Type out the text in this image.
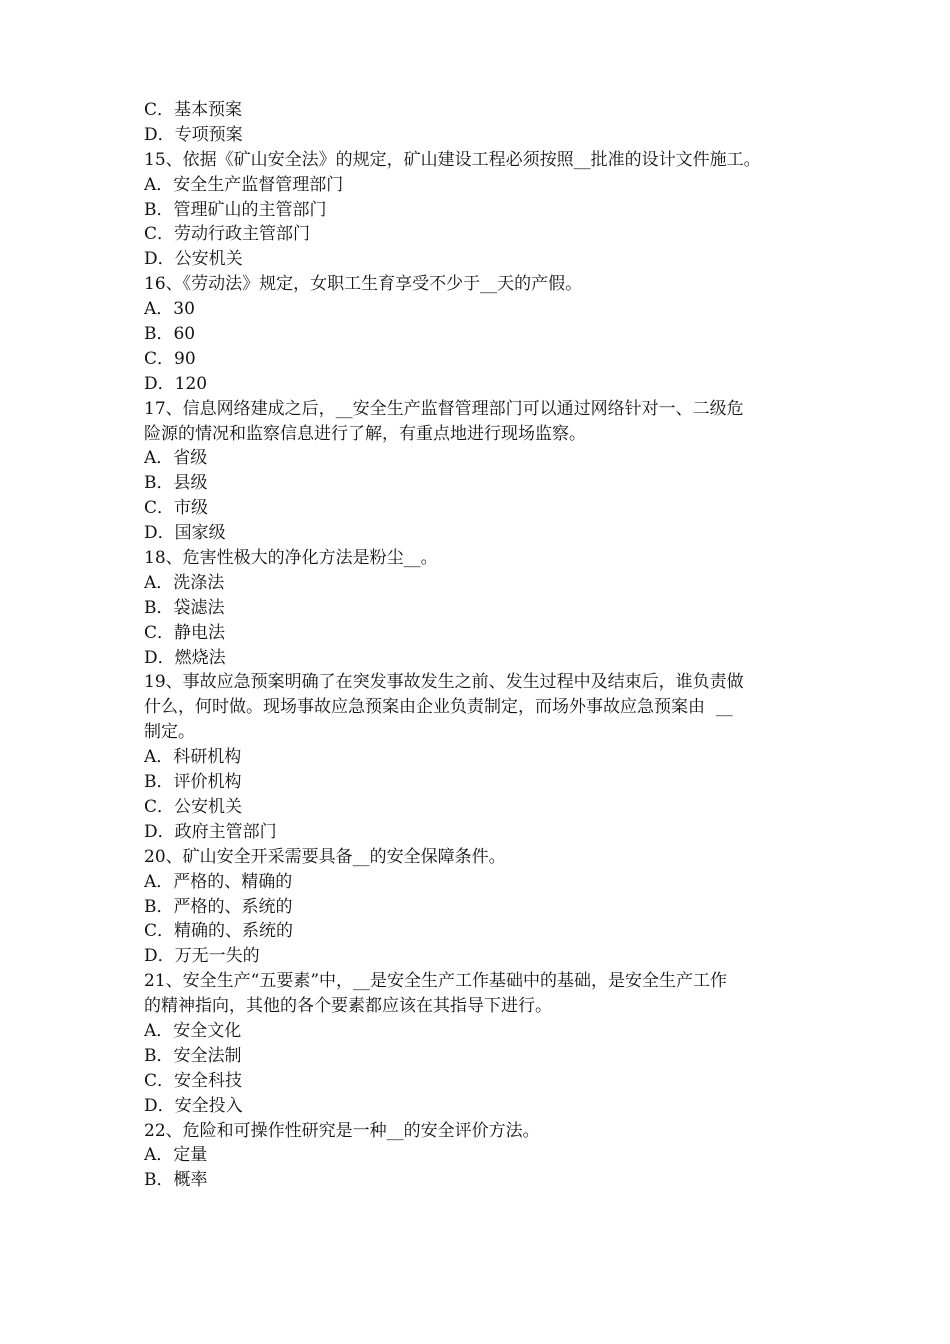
C．基本预案
D．专项预案
15、依据《矿山安全法》的规定，矿山建设工程必须按照__批准的设计文件施工。
A．安全生产监督管理部门
B．管理矿山的主管部门
C．劳动行政主管部门
D．公安机关
16、《劳动法》规定，女职工生育享受不少于__天的产假。
A．30
B．60
C．90
D．120
17、信息网络建成之后，__安全生产监督管理部门可以通过网络针对一、二级危
险源的情况和监察信息进行了解，有重点地进行现场监察。
A．省级
B．县级
C．市级
D．国家级
18、危害性极大的净化方法是粉尘__。
A．洗涤法
B．袋滤法
C．静电法
D．燃烧法
19、事故应急预案明确了在突发事故发生之前、发生过程中及结束后，谁负责做
什么，何时做。现场事故应急预案由企业负责制定，而场外事故应急预案由  __
制定。
A．科研机构
B．评价机构
C．公安机关
D．政府主管部门
20、矿山安全开采需要具备__的安全保障条件。
A．严格的、精确的
B．严格的、系统的
C．精确的、系统的
D．万无一失的
21、安全生产“五要素”中，__是安全生产工作基础中的基础，是安全生产工作
的精神指向，其他的各个要素都应该在其指导下进行。
A．安全文化
B．安全法制
C．安全科技
D．安全投入
22、危险和可操作性研究是一种__的安全评价方法。
A．定量
B．概率
